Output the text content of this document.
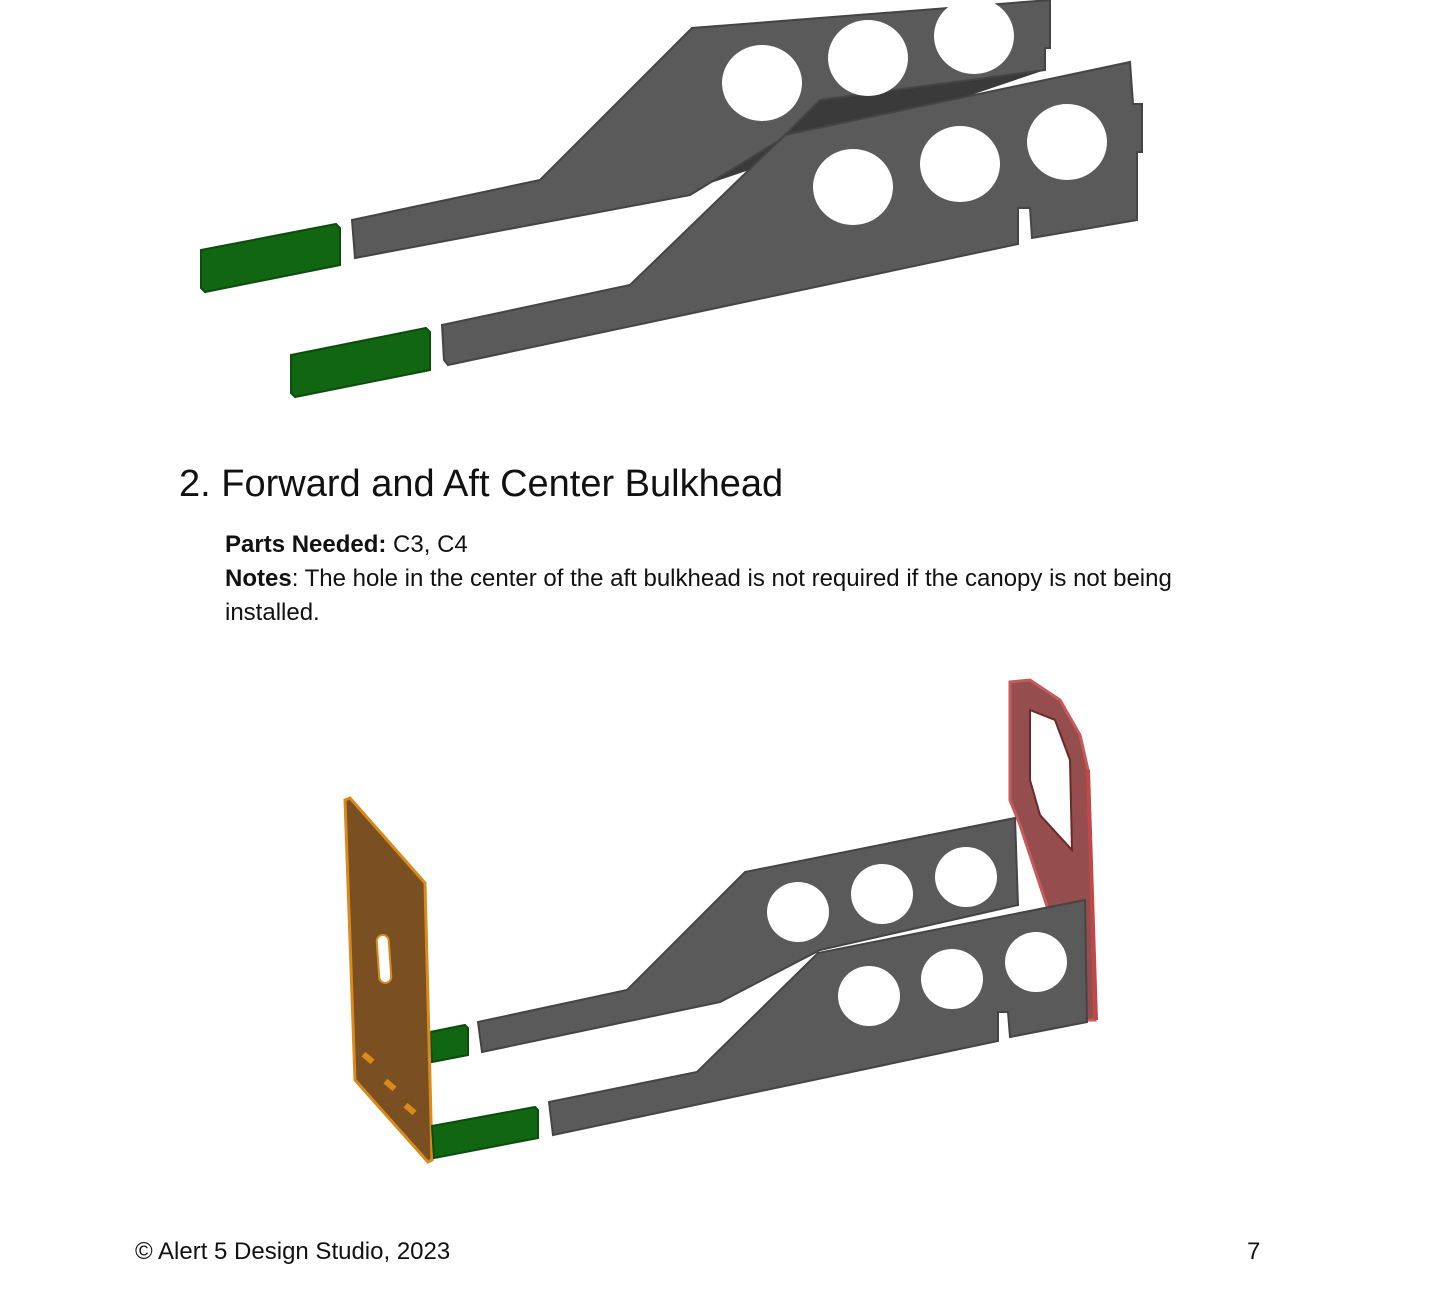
2. Forward and Aft Center Bulkhead

Parts Needed: C3, C4

Notes: The hole in the center of the aft bulkhead is not required if the canopy is not being installed.

© Alert 5 Design Studio, 2023	7
